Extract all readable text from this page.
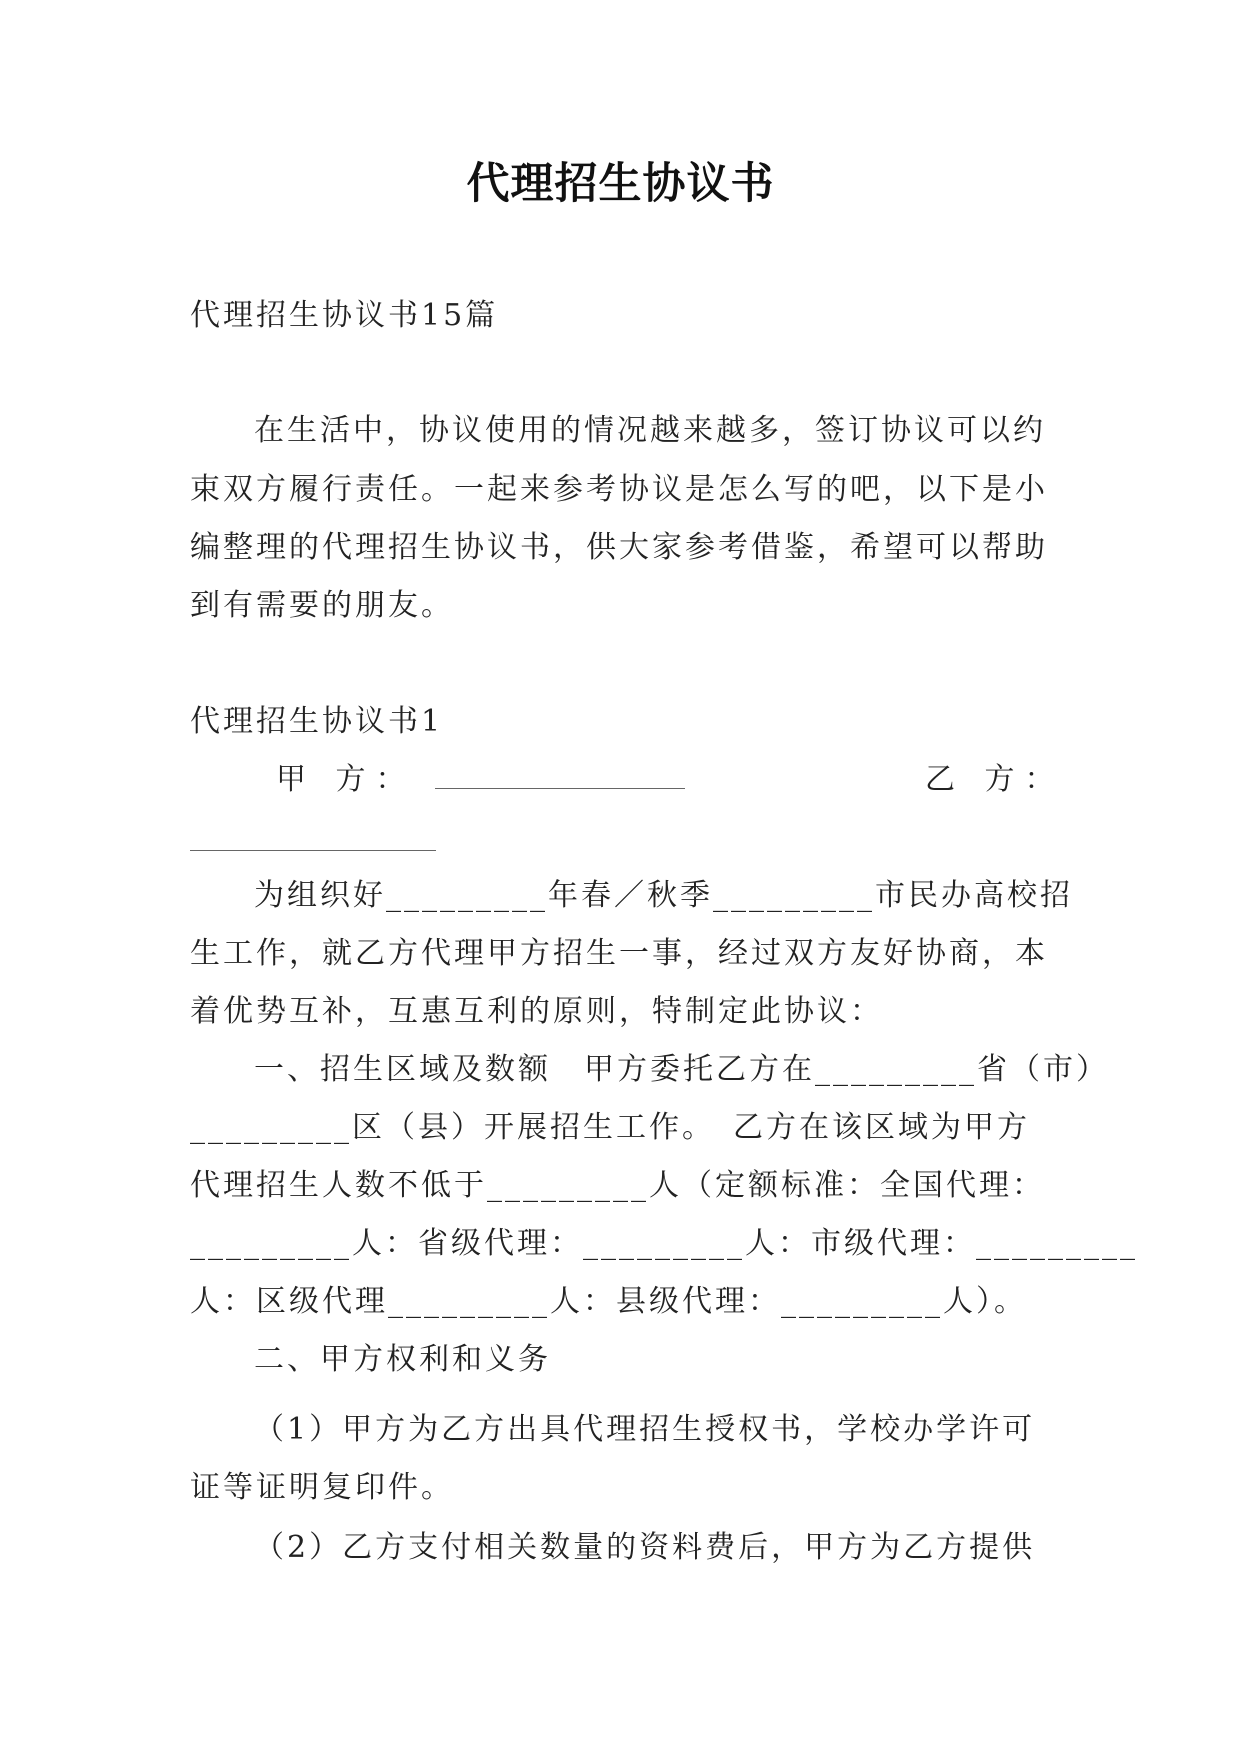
代理招生协议书

代理招生协议书15篇

在生活中，协议使用的情况越来越多，签订协议可以约

束双方履行责任。一起来参考协议是怎么写的吧，以下是小

编整理的代理招生协议书，供大家参考借鉴，希望可以帮助

到有需要的朋友。

代理招生协议书1

甲 方：	乙 方：

为组织好_________年春／秋季_________市民办高校招

生工作，就乙方代理甲方招生一事，经过双方友好协商，本

着优势互补，互惠互利的原则，特制定此协议：

一、招生区域及数额　甲方委托乙方在_________省（市）

_________区（县）开展招生工作。　乙方在该区域为甲方

代理招生人数不低于_________人（定额标准：全国代理：

_________人：省级代理：_________人：市级代理：_________

人：区级代理_________人：县级代理：_________人）。

二、甲方权利和义务

（1）甲方为乙方出具代理招生授权书，学校办学许可

证等证明复印件。

（2）乙方支付相关数量的资料费后，甲方为乙方提供
